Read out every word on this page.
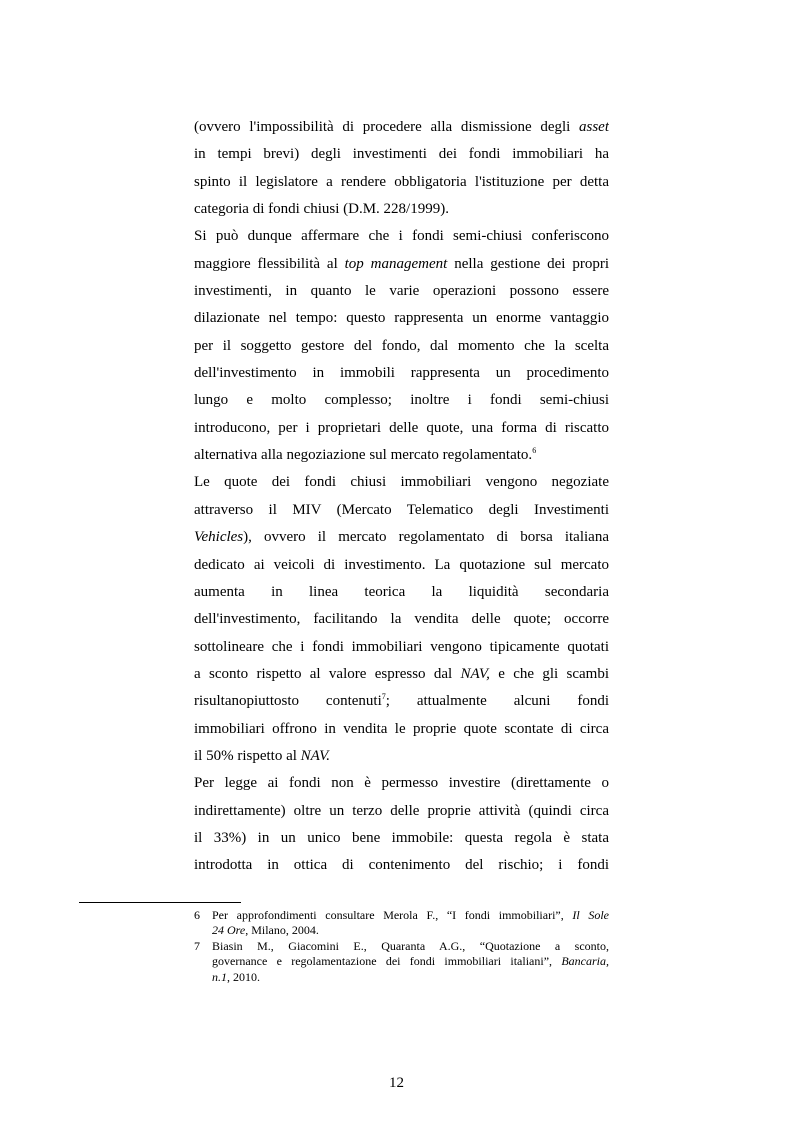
(ovvero l'impossibilità di procedere alla dismissione degli asset
in tempi brevi) degli investimenti dei fondi immobiliari ha
spinto il legislatore a rendere obbligatoria l'istituzione per detta
categoria di fondi chiusi (D.M. 228/1999).
Si può dunque affermare che i fondi semi-chiusi conferiscono
maggiore flessibilità al top management nella gestione dei propri
investimenti, in quanto le varie operazioni possono essere
dilazionate nel tempo: questo rappresenta un enorme vantaggio
per il soggetto gestore del fondo, dal momento che la scelta
dell'investimento in immobili rappresenta un procedimento
lungo e molto complesso; inoltre i fondi semi-chiusi
introducono, per i proprietari delle quote, una forma di riscatto
alternativa alla negoziazione sul mercato regolamentato.$^6$
Le quote dei fondi chiusi immobiliari vengono negoziate
attraverso il MIV (Mercato Telematico degli Investimenti
Vehicles), ovvero il mercato regolamentato di borsa italiana
dedicato ai veicoli di investimento. La quotazione sul mercato
aumenta in linea teorica la liquidità secondaria
dell'investimento, facilitando la vendita delle quote; occorre
sottolineare che i fondi immobiliari vengono tipicamente quotati
a sconto rispetto al valore espresso dal NAV, e che gli scambi
risultanopiuttosto contenuti$^7$; attualmente alcuni fondi
immobiliari offrono in vendita le proprie quote scontate di circa
il 50% rispetto al NAV.
Per legge ai fondi non è permesso investire (direttamente o
indirettamente) oltre un terzo delle proprie attività (quindi circa
il 33%) in un unico bene immobile: questa regola è stata
introdotta in ottica di contenimento del rischio; i fondi
6 Per approfondimenti consultare Merola F., “I fondi immobiliari”, Il Sole
24 Ore, Milano, 2004.
7 Biasin M., Giacomini E., Quaranta A.G., “Quotazione a sconto,
governance e regolamentazione dei fondi immobiliari italiani”, Bancaria,
n.1, 2010.
12
